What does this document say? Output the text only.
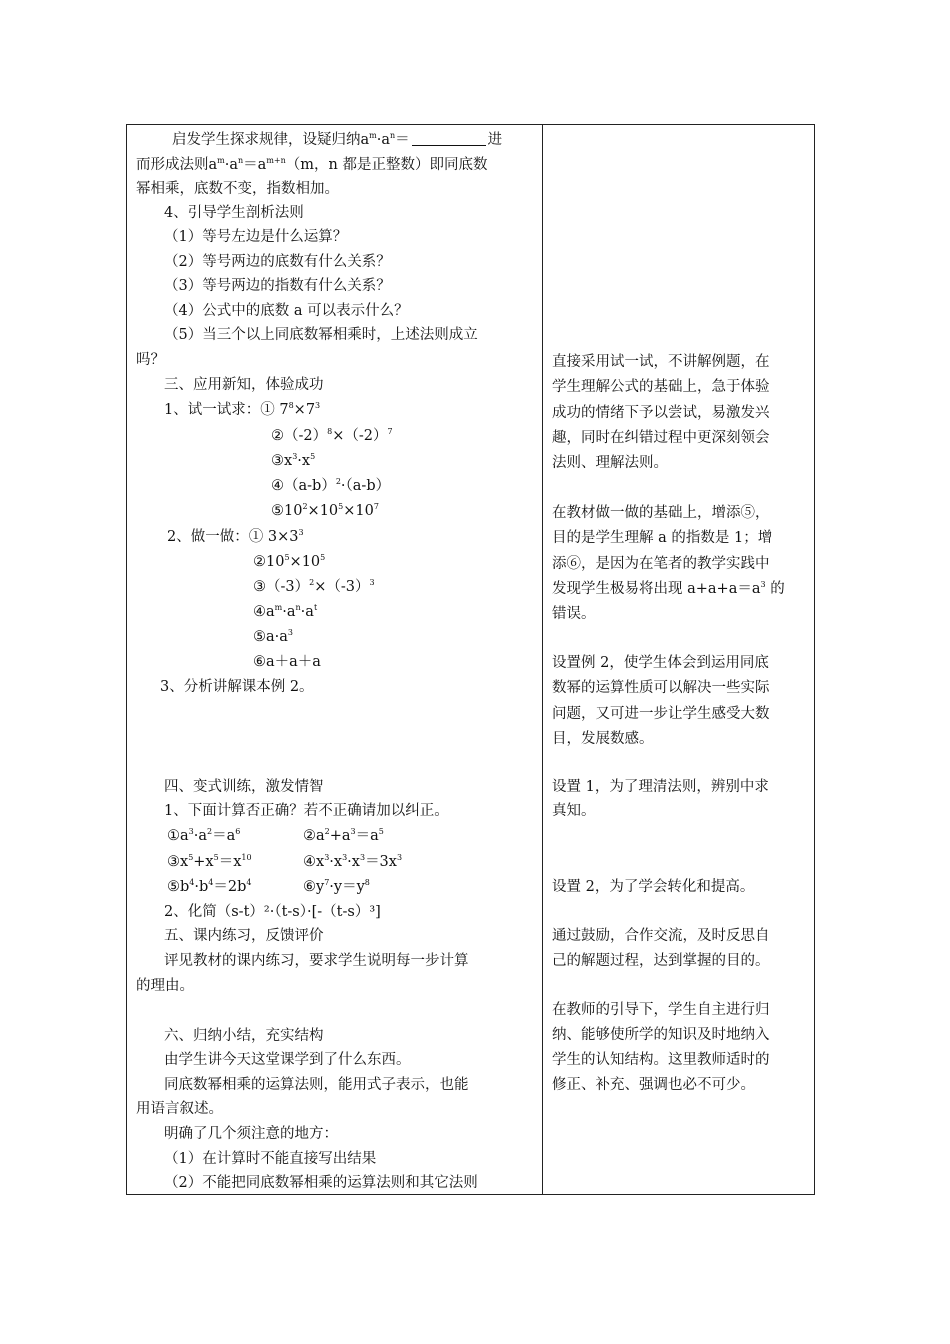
启发学生探求规律，设疑归纳$a^m\cdot a^n=$	进
而形成法则$a^m\cdot a^n=a^{m+n}(m$，n 都是正整数）即同底数
幂相乘，底数不变，指数相加。
4、引导学生剖析法则
（1）等号左边是什么运算？
（2）等号两边的底数有什么关系？
（3）等号两边的指数有什么关系？
（4）公式中的底数 a 可以表示什么？
（5）当三个以上同底数幂相乘时，上述法则成立
吗？
三、应用新知，体验成功
1、试一试求：① $7^8\times 7^3$
$②(-2)^8\times(-2)^7$
$③x^3\cdot x^5$
$④(a-b)^2\cdot(a-b)$
$⑤10^2\times 10^5\times 10^7$
2、做一做：① $3\times 3^3$
$②10^5\times 10^5$
$③(-3)^2\times(-3)^3$
$④a^m\cdot a^n\cdot a^t$
$⑤a\cdot a^3$
⑥a＋a＋a
3、分析讲解课本例 2。
四、变式训练，激发情智
1、下面计算否正确？若不正确请加以纠正。
$①a^3\cdot a^2=a^6$	$②a^2+a^3=a^5$
$③x^5+x^5=x^{10}$	$④x^3\cdot x^3\cdot x^3=3x^3$
$⑤b^4\cdot b^4=2b^4$	$⑥y^7\cdot y=y^8$
2、化简（s-t）²·（t-s）·[-（t-s）³]
五、课内练习，反馈评价
评见教材的课内练习，要求学生说明每一步计算
的理由。
六、归纳小结，充实结构
由学生讲今天这堂课学到了什么东西。
同底数幂相乘的运算法则，能用式子表示，也能
用语言叙述。
明确了几个须注意的地方：
（1）在计算时不能直接写出结果
（2）不能把同底数幂相乘的运算法则和其它法则
直接采用试一试，不讲解例题，在
学生理解公式的基础上，急于体验
成功的情绪下予以尝试，易激发兴
趣，同时在纠错过程中更深刻领会
法则、理解法则。
在教材做一做的基础上，增添⑤，
目的是学生理解 a 的指数是 1；增
添⑥，是因为在笔者的教学实践中
发现学生极易将出现 $a+a+a=a^3$ 的
错误。
设置例 2，使学生体会到运用同底
数幂的运算性质可以解决一些实际
问题，又可进一步让学生感受大数
目，发展数感。
设置 1，为了理清法则，辨别中求
真知。
设置 2，为了学会转化和提高。
通过鼓励，合作交流，及时反思自
己的解题过程，达到掌握的目的。
在教师的引导下，学生自主进行归
纳、能够使所学的知识及时地纳入
学生的认知结构。这里教师适时的
修正、补充、强调也必不可少。
